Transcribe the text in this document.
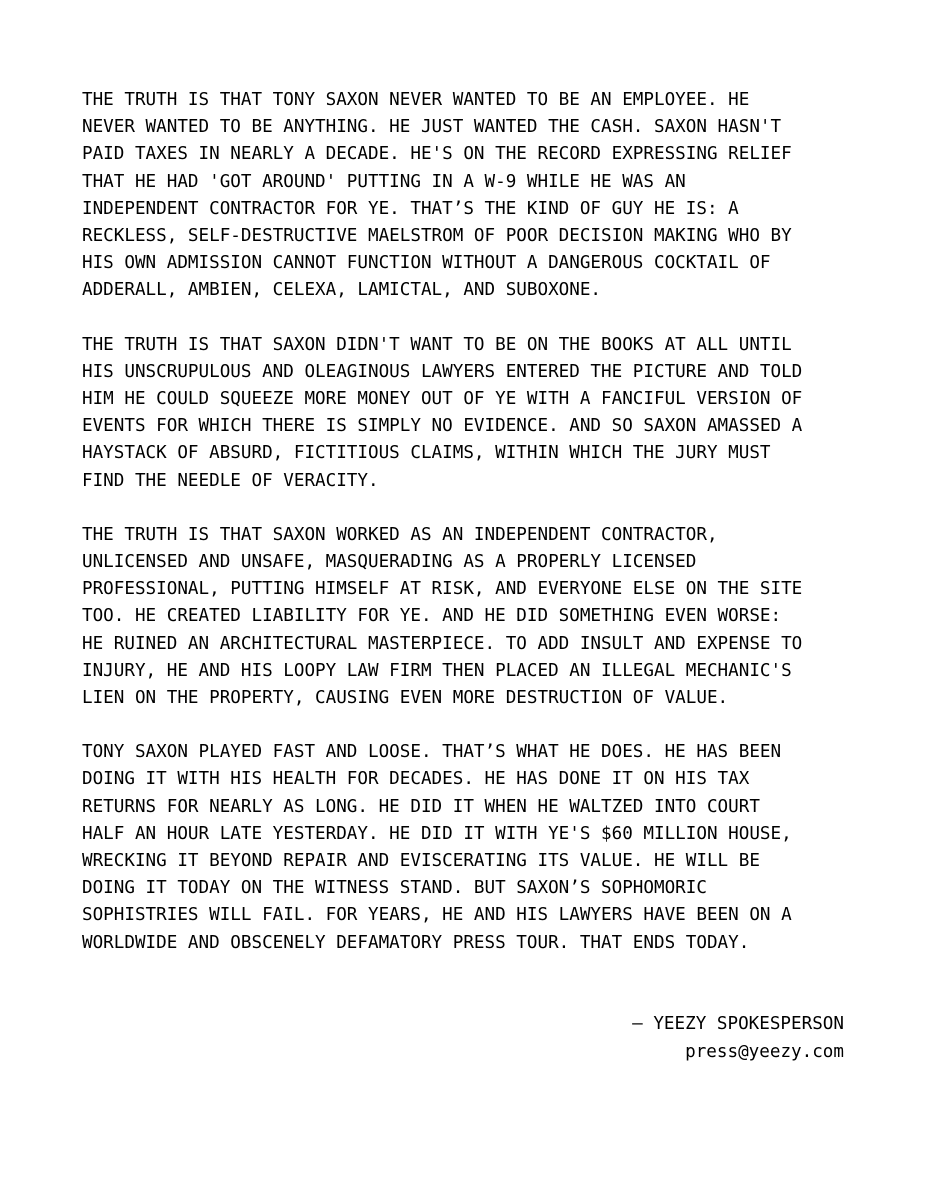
THE TRUTH IS THAT TONY SAXON NEVER WANTED TO BE AN EMPLOYEE. HE
NEVER WANTED TO BE ANYTHING. HE JUST WANTED THE CASH. SAXON HASN'T
PAID TAXES IN NEARLY A DECADE. HE'S ON THE RECORD EXPRESSING RELIEF
THAT HE HAD 'GOT AROUND' PUTTING IN A W-9 WHILE HE WAS AN
INDEPENDENT CONTRACTOR FOR YE. THAT’S THE KIND OF GUY HE IS: A
RECKLESS, SELF-DESTRUCTIVE MAELSTROM OF POOR DECISION MAKING WHO BY
HIS OWN ADMISSION CANNOT FUNCTION WITHOUT A DANGEROUS COCKTAIL OF
ADDERALL, AMBIEN, CELEXA, LAMICTAL, AND SUBOXONE.

THE TRUTH IS THAT SAXON DIDN'T WANT TO BE ON THE BOOKS AT ALL UNTIL
HIS UNSCRUPULOUS AND OLEAGINOUS LAWYERS ENTERED THE PICTURE AND TOLD
HIM HE COULD SQUEEZE MORE MONEY OUT OF YE WITH A FANCIFUL VERSION OF
EVENTS FOR WHICH THERE IS SIMPLY NO EVIDENCE. AND SO SAXON AMASSED A
HAYSTACK OF ABSURD, FICTITIOUS CLAIMS, WITHIN WHICH THE JURY MUST
FIND THE NEEDLE OF VERACITY.

THE TRUTH IS THAT SAXON WORKED AS AN INDEPENDENT CONTRACTOR,
UNLICENSED AND UNSAFE, MASQUERADING AS A PROPERLY LICENSED
PROFESSIONAL, PUTTING HIMSELF AT RISK, AND EVERYONE ELSE ON THE SITE
TOO. HE CREATED LIABILITY FOR YE. AND HE DID SOMETHING EVEN WORSE:
HE RUINED AN ARCHITECTURAL MASTERPIECE. TO ADD INSULT AND EXPENSE TO
INJURY, HE AND HIS LOOPY LAW FIRM THEN PLACED AN ILLEGAL MECHANIC'S
LIEN ON THE PROPERTY, CAUSING EVEN MORE DESTRUCTION OF VALUE.

TONY SAXON PLAYED FAST AND LOOSE. THAT’S WHAT HE DOES. HE HAS BEEN
DOING IT WITH HIS HEALTH FOR DECADES. HE HAS DONE IT ON HIS TAX
RETURNS FOR NEARLY AS LONG. HE DID IT WHEN HE WALTZED INTO COURT
HALF AN HOUR LATE YESTERDAY. HE DID IT WITH YE'S $60 MILLION HOUSE,
WRECKING IT BEYOND REPAIR AND EVISCERATING ITS VALUE. HE WILL BE
DOING IT TODAY ON THE WITNESS STAND. BUT SAXON’S SOPHOMORIC
SOPHISTRIES WILL FAIL. FOR YEARS, HE AND HIS LAWYERS HAVE BEEN ON A
WORLDWIDE AND OBSCENELY DEFAMATORY PRESS TOUR. THAT ENDS TODAY.

— YEEZY SPOKESPERSON
press@yeezy.com
